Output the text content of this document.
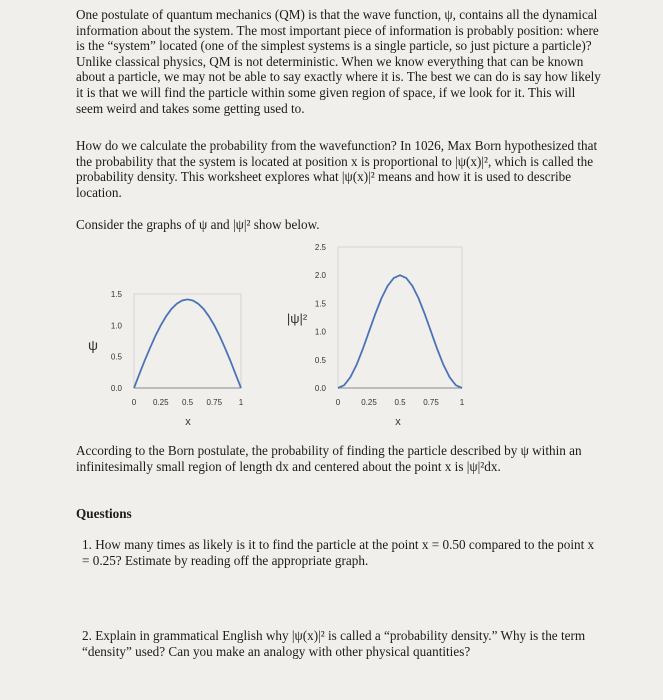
One postulate of quantum mechanics (QM) is that the wave function, ψ, contains all the dynamical information about the system. The most important piece of information is probably position: where is the “system” located (one of the simplest systems is a single particle, so just picture a particle)? Unlike classical physics, QM is not deterministic. When we know everything that can be known about a particle, we may not be able to say exactly where it is. The best we can do is say how likely it is that we will find the particle within some given region of space, if we look for it. This will seem weird and takes some getting used to.

How do we calculate the probability from the wavefunction? In 1026, Max Born hypothesized that the probability that the system is located at position x is proportional to |ψ(x)|², which is called the probability density. This worksheet explores what |ψ(x)|² means and how it is used to describe location.

Consider the graphs of ψ and |ψ|² show below.

0.0
0.5
1.0
1.5
0 0.25 0.5 0.75 1
ψ
x
0.0
0.5
1.0
1.5
2.0
2.5
0	0.25 0.5 0.75	1
|ψ|²
x

According to the Born postulate, the probability of finding the particle described by ψ within an infinitesimally small region of length dx and centered about the point x is |ψ|²dx.

Questions

1. How many times as likely is it to find the particle at the point x = 0.50 compared to the point x = 0.25? Estimate by reading off the appropriate graph.

2. Explain in grammatical English why |ψ(x)|² is called a “probability density.” Why is the term “density” used? Can you make an analogy with other physical quantities?
